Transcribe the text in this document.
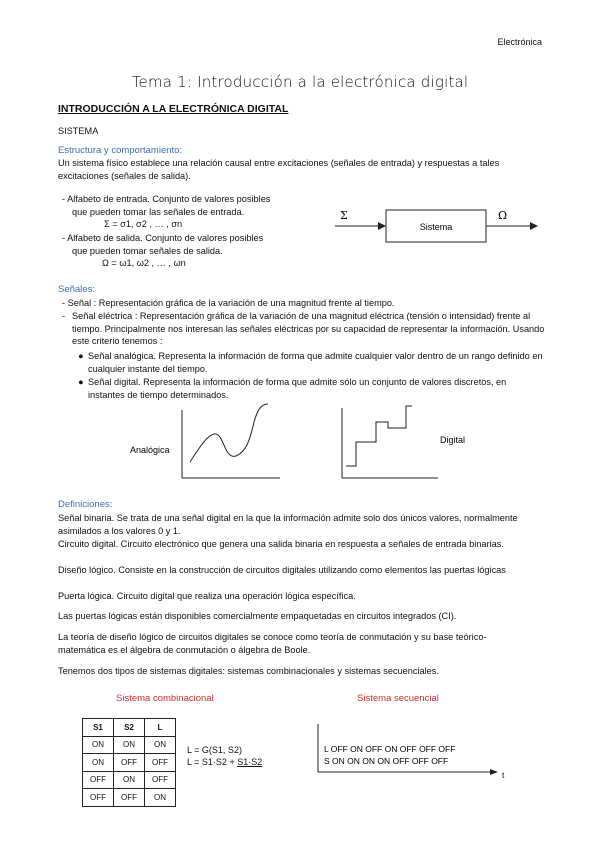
Electrónica
Tema 1: Introducción a la electrónica digital
INTRODUCCIÓN A LA ELECTRÓNICA DIGITAL
SISTEMA
Estructura y comportamiento:
Un sistema físico establece una relación causal entre excitaciones (señales de entrada) y respuestas a tales excitaciones (señales de salida).
- Alfabeto de entrada. Conjunto de valores posibles
que pueden tomar las señales de entrada.
Σ = σ1, σ2 , … , σn
- Alfabeto de salida. Conjunto de valores posibles
que pueden tomar señales de salida.
Ω = ω1, ω2 , … , ωn
Σ
Sistema
Ω
Señales:
- Señal : Representación gráfica de la variación de una magnitud frente al tiempo.
- Señal eléctrica : Representación gráfica de la variación de una magnitud eléctrica (tensión o intensidad) frente al tiempo. Principalmente nos interesan las señales eléctricas por su capacidad de representar la información. Usando este criterio tenemos :
● Señal analógica. Representa la información de forma que admite cualquier valor dentro de un rango definido en cualquier instante del tiempo.
● Señal digital. Representa la información de forma que admite sólo un conjunto de valores discretos, en instantes de tiempo determinados.
Analógica
Digital
Definiciones:
Señal binaria. Se trata de una señal digital en la que la información admite solo dos únicos valores, normalmente asimilados a los valores 0 y 1.
Circuito digital. Circuito electrónico que genera una salida binaria en respuesta a señales de entrada binarias.
Diseño lógico. Consiste en la construcción de circuitos digitales utilizando como elementos las puertas lógicas
Puerta lógica. Circuito digital que realiza una operación lógica específica.
Las puertas lógicas están disponibles comercialmente empaquetadas en circuitos integrados (CI).
La teoría de diseño lógico de circuitos digitales se conoce como teoría de conmutación y su base teórico-matemática es el álgebra de conmutación o álgebra de Boole.
Tenemos dos tipos de sistemas digitales: sistemas combinacionales y sistemas secuenciales.
Sistema combinacional
S1	S2	L
ON	ON	ON
ON	OFF	OFF
OFF	ON	OFF
OFF	OFF	ON
L = G(S1, S2)
L = S1·S2 + S1·S2
Sistema secuencial
L OFF ON OFF ON OFF OFF OFF
S ON ON ON ON OFF OFF OFF
t
